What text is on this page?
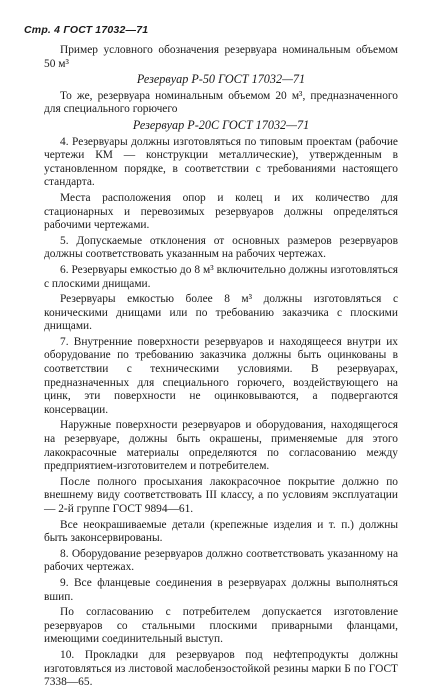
Стр. 4 ГОСТ 17032—71

Пример условного обозначения резервуара номинальным объемом 50 м³

Резервуар Р-50 ГОСТ 17032—71

То же, резервуара номинальным объемом 20 м³, предназначенного для специального горючего

Резервуар Р-20С ГОСТ 17032—71

4. Резервуары должны изготовляться по типовым проектам (рабочие чертежи КМ — конструкции металлические), утвержденным в установленном порядке, в соответствии с требованиями настоящего стандарта.

Места расположения опор и колец и их количество для стационарных и перевозимых резервуаров должны определяться рабочими чертежами.

5. Допускаемые отклонения от основных размеров резервуаров должны соответствовать указанным на рабочих чертежах.

6. Резервуары емкостью до 8 м³ включительно должны изготовляться с плоскими днищами.

Резервуары емкостью более 8 м³ должны изготовляться с коническими днищами или по требованию заказчика с плоскими днищами.

7. Внутренние поверхности резервуаров и находящееся внутри их оборудование по требованию заказчика должны быть оцинкованы в соответствии с техническими условиями. В резервуарах, предназначенных для специального горючего, воздействующего на цинк, эти поверхности не оцинковываются, а подвергаются консервации.

Наружные поверхности резервуаров и оборудования, находящегося на резервуаре, должны быть окрашены, применяемые для этого лакокрасочные материалы определяются по согласованию между предприятием-изготовителем и потребителем.

После полного просыхания лакокрасочное покрытие должно по внешнему виду соответствовать III классу, а по условиям эксплуатации — 2-й группе ГОСТ 9894—61.

Все неокрашиваемые детали (крепежные изделия и т. п.) должны быть законсервированы.

8. Оборудование резервуаров должно соответствовать указанному на рабочих чертежах.

9. Все фланцевые соединения в резервуарах должны выполняться вшип.

По согласованию с потребителем допускается изготовление резервуаров со стальными плоскими приварными фланцами, имеющими соединительный выступ.

10. Прокладки для резервуаров под нефтепродукты должны изготовляться из листовой маслобензостойкой резины марки Б по ГОСТ 7338—65.
